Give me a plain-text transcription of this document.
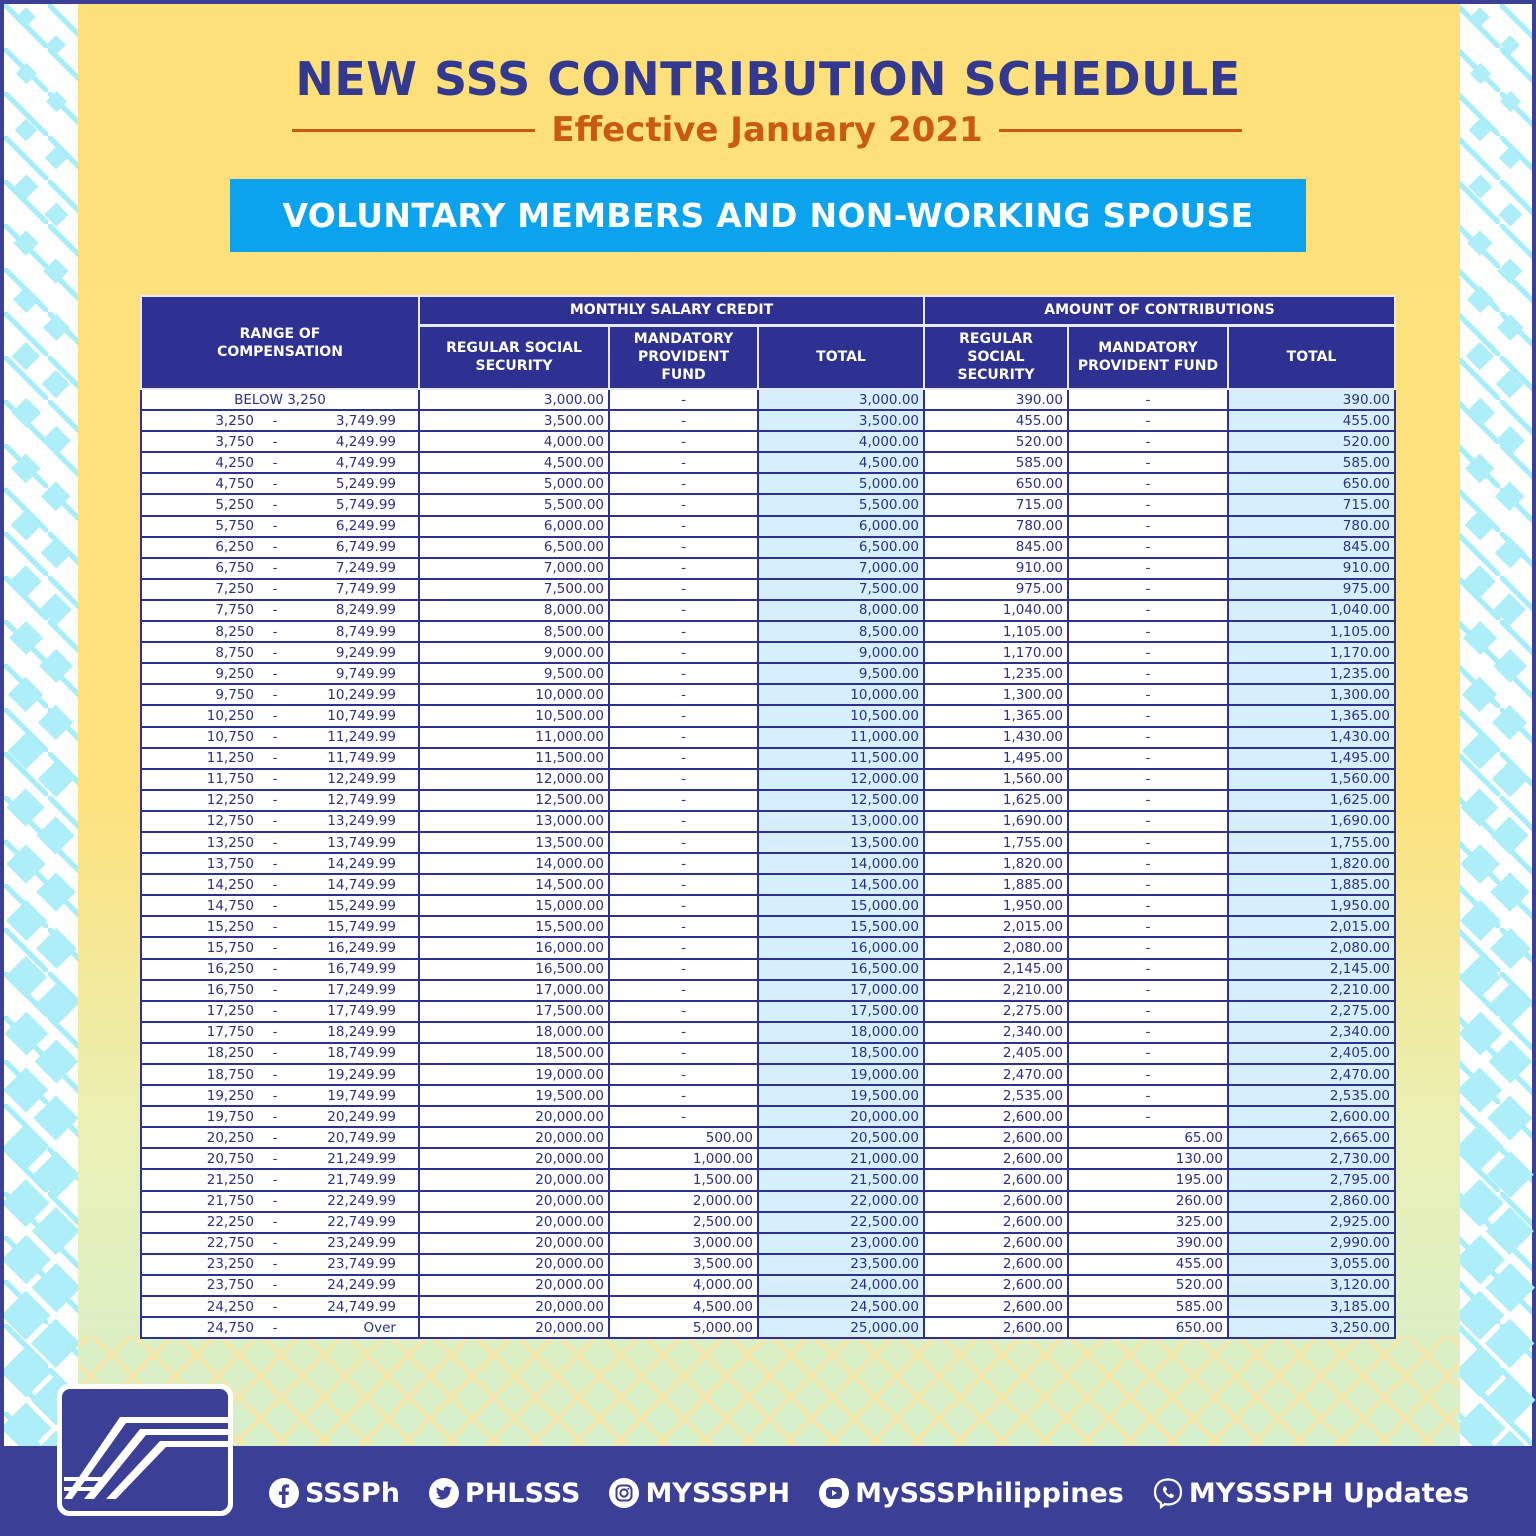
NEW SSS CONTRIBUTION SCHEDULE
Effective January 2021
VOLUNTARY MEMBERS AND NON-WORKING SPOUSE
RANGE OF COMPENSATION	MONTHLY SALARY CREDIT			AMOUNT OF CONTRIBUTIONS		
	REGULAR SOCIAL SECURITY	MANDATORY PROVIDENT FUND	TOTAL	REGULAR SOCIAL SECURITY	MANDATORY PROVIDENT FUND	TOTAL

BELOW 3,250	3,000.00	-	3,000.00	390.00	-	390.00

3,250 - 3,749.99	3,500.00	-	3,500.00	455.00	-	455.00

3,750 - 4,249.99	4,000.00	-	4,000.00	520.00	-	520.00

4,250 - 4,749.99	4,500.00	-	4,500.00	585.00	-	585.00

4,750 - 5,249.99	5,000.00	-	5,000.00	650.00	-	650.00

5,250 - 5,749.99	5,500.00	-	5,500.00	715.00	-	715.00

5,750 - 6,249.99	6,000.00	-	6,000.00	780.00	-	780.00

6,250 - 6,749.99	6,500.00	-	6,500.00	845.00	-	845.00

6,750 - 7,249.99	7,000.00	-	7,000.00	910.00	-	910.00

7,250 - 7,749.99	7,500.00	-	7,500.00	975.00	-	975.00

7,750 - 8,249.99	8,000.00	-	8,000.00	1,040.00	-	1,040.00

8,250 - 8,749.99	8,500.00	-	8,500.00	1,105.00	-	1,105.00

8,750 - 9,249.99	9,000.00	-	9,000.00	1,170.00	-	1,170.00

9,250 - 9,749.99	9,500.00	-	9,500.00	1,235.00	-	1,235.00

9,750 - 10,249.99	10,000.00	-	10,000.00	1,300.00	-	1,300.00

10,250 - 10,749.99	10,500.00	-	10,500.00	1,365.00	-	1,365.00

10,750 - 11,249.99	11,000.00	-	11,000.00	1,430.00	-	1,430.00

11,250 - 11,749.99	11,500.00	-	11,500.00	1,495.00	-	1,495.00

11,750 - 12,249.99	12,000.00	-	12,000.00	1,560.00	-	1,560.00

12,250 - 12,749.99	12,500.00	-	12,500.00	1,625.00	-	1,625.00

12,750 - 13,249.99	13,000.00	-	13,000.00	1,690.00	-	1,690.00

13,250 - 13,749.99	13,500.00	-	13,500.00	1,755.00	-	1,755.00

13,750 - 14,249.99	14,000.00	-	14,000.00	1,820.00	-	1,820.00

14,250 - 14,749.99	14,500.00	-	14,500.00	1,885.00	-	1,885.00

14,750 - 15,249.99	15,000.00	-	15,000.00	1,950.00	-	1,950.00

15,250 - 15,749.99	15,500.00	-	15,500.00	2,015.00	-	2,015.00

15,750 - 16,249.99	16,000.00	-	16,000.00	2,080.00	-	2,080.00

16,250 - 16,749.99	16,500.00	-	16,500.00	2,145.00	-	2,145.00

16,750 - 17,249.99	17,000.00	-	17,000.00	2,210.00	-	2,210.00

17,250 - 17,749.99	17,500.00	-	17,500.00	2,275.00	-	2,275.00

17,750 - 18,249.99	18,000.00	-	18,000.00	2,340.00	-	2,340.00

18,250 - 18,749.99	18,500.00	-	18,500.00	2,405.00	-	2,405.00

18,750 - 19,249.99	19,000.00	-	19,000.00	2,470.00	-	2,470.00

19,250 - 19,749.99	19,500.00	-	19,500.00	2,535.00	-	2,535.00

19,750 - 20,249.99	20,000.00	-	20,000.00	2,600.00	-	2,600.00

20,250 - 20,749.99	20,000.00	500.00	20,500.00	2,600.00	65.00	2,665.00

20,750 - 21,249.99	20,000.00	1,000.00	21,000.00	2,600.00	130.00	2,730.00

21,250 - 21,749.99	20,000.00	1,500.00	21,500.00	2,600.00	195.00	2,795.00

21,750 - 22,249.99	20,000.00	2,000.00	22,000.00	2,600.00	260.00	2,860.00

22,250 - 22,749.99	20,000.00	2,500.00	22,500.00	2,600.00	325.00	2,925.00

22,750 - 23,249.99	20,000.00	3,000.00	23,000.00	2,600.00	390.00	2,990.00

23,250 - 23,749.99	20,000.00	3,500.00	23,500.00	2,600.00	455.00	3,055.00

23,750 - 24,249.99	20,000.00	4,000.00	24,000.00	2,600.00	520.00	3,120.00

24,250 - 24,749.99	20,000.00	4,500.00	24,500.00	2,600.00	585.00	3,185.00

24,750 - Over	20,000.00	5,000.00	25,000.00	2,600.00	650.00	3,250.00
SSSPh PHLSSS MYSSSPH MySSSPhilippines MYSSSPH Updates
